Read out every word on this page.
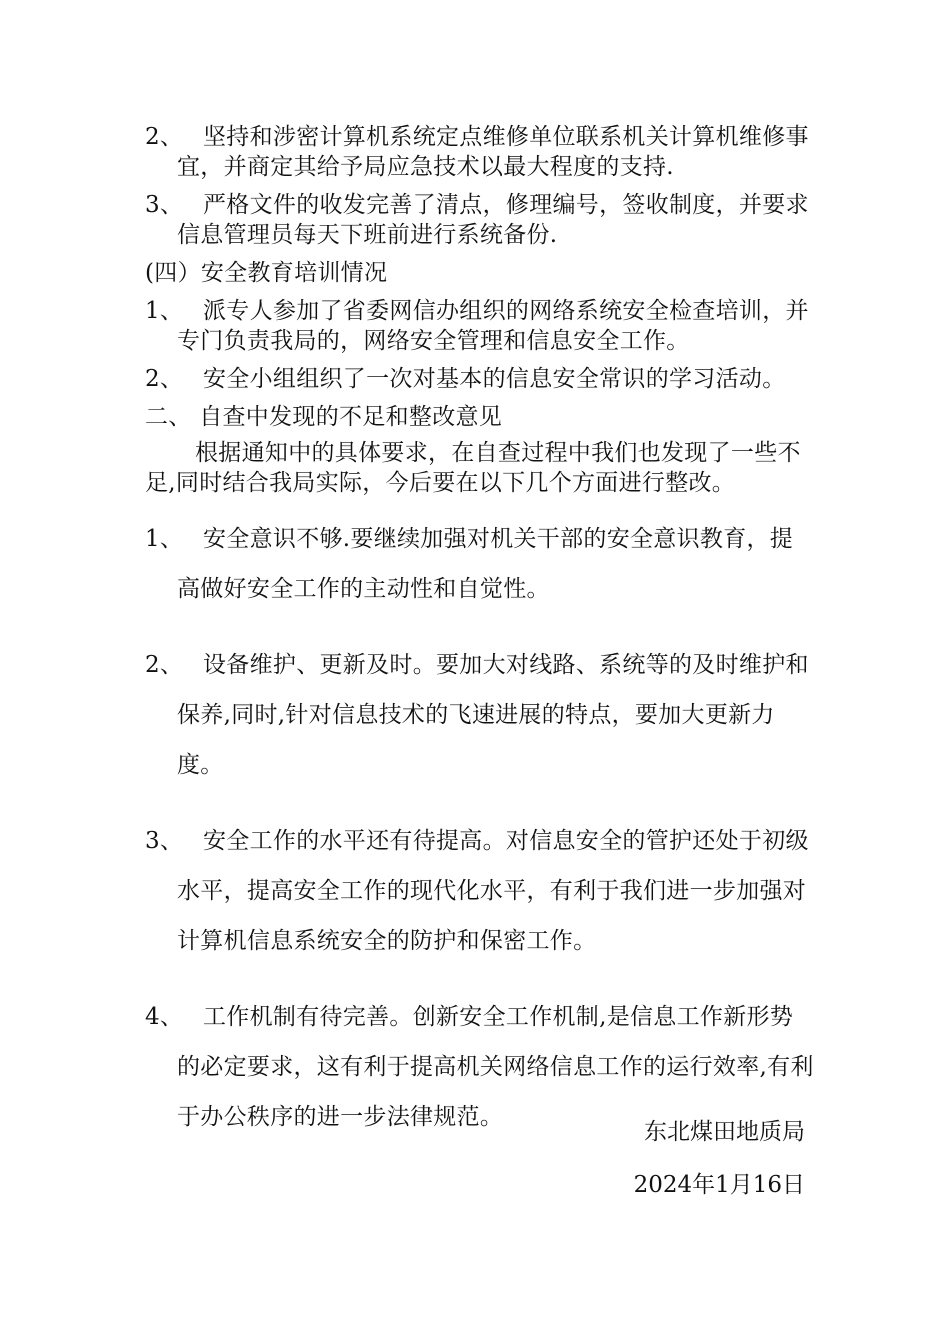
2、 坚持和涉密计算机系统定点维修单位联系机关计算机维修事宜，并商定其给予局应急技术以最大程度的支持.
3、 严格文件的收发完善了清点，修理编号，签收制度，并要求信息管理员每天下班前进行系统备份.
(四）安全教育培训情况
1、 派专人参加了省委网信办组织的网络系统安全检查培训，并专门负责我局的，网络安全管理和信息安全工作。
2、 安全小组组织了一次对基本的信息安全常识的学习活动。
二、 自查中发现的不足和整改意见
根据通知中的具体要求，在自查过程中我们也发现了一些不足,同时结合我局实际，今后要在以下几个方面进行整改。
1、 安全意识不够.要继续加强对机关干部的安全意识教育，提高做好安全工作的主动性和自觉性。
2、 设备维护、更新及时。要加大对线路、系统等的及时维护和保养,同时,针对信息技术的飞速进展的特点，要加大更新力度。
3、 安全工作的水平还有待提高。对信息安全的管护还处于初级水平，提高安全工作的现代化水平，有利于我们进一步加强对计算机信息系统安全的防护和保密工作。
4、 工作机制有待完善。创新安全工作机制,是信息工作新形势的必定要求，这有利于提高机关网络信息工作的运行效率,有利于办公秩序的进一步法律规范。
东北煤田地质局
2024年1月16日
